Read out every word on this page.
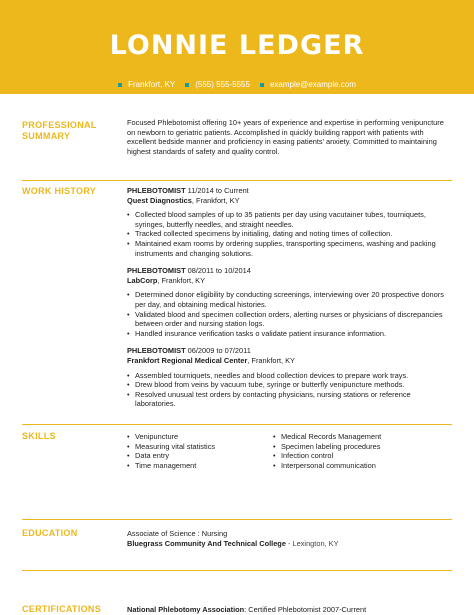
LONNIE LEDGER
Frankfort, KY	(555) 555-5555	example@example.com
PROFESSIONAL
SUMMARY
Focused Phlebotomist offering 10+ years of experience and expertise in performing venipuncture on newborn to geriatric patients. Accomplished in quickly building rapport with patients with excellent bedside manner and proficiency in easing patients' anxiety. Committed to maintaining highest standards of safety and quality control.
WORK HISTORY	PHLEBOTOMIST 11/2014 to Current
Quest Diagnostics, Frankfort, KY
• Collected blood samples of up to 35 patients per day using vacutainer tubes, tourniquets, syringes, butterfly needles, and straight needles.
• Tracked collected specimens by initialing, dating and noting times of collection.
• Maintained exam rooms by ordering supplies, transporting specimens, washing and packing instruments and changing solutions.
PHLEBOTOMIST 08/2011 to 10/2014
LabCorp, Frankfort, KY
• Determined donor eligibility by conducting screenings, interviewing over 20 prospective donors per day, and obtaining medical histories.
• Validated blood and specimen collection orders, alerting nurses or physicians of discrepancies between order and nursing station logs.
• Handled insurance verification tasks o validate patient insurance information.
PHLEBOTOMIST 06/2009 to 07/2011
Frankfort Regional Medical Center, Frankfort, KY
• Assembled tourniquets, needles and blood collection devices to prepare work trays.
• Drew blood from veins by vacuum tube, syringe or butterfly venipuncture methods.
• Resolved unusual test orders by contacting physicians, nursing stations or reference laboratories.
SKILLS
•	Venipuncture
• Measuring vital statistics
• Data entry
• Time management
• Medical Records Management
• Specimen labeling procedures
• Infection control
• Interpersonal communication
EDUCATION	Associate of Science : Nursing
Bluegrass Community And Technical College - Lexington, KY
CERTIFICATIONS	National Phlebotomy Association: Certified Phlebotomist 2007-Current
